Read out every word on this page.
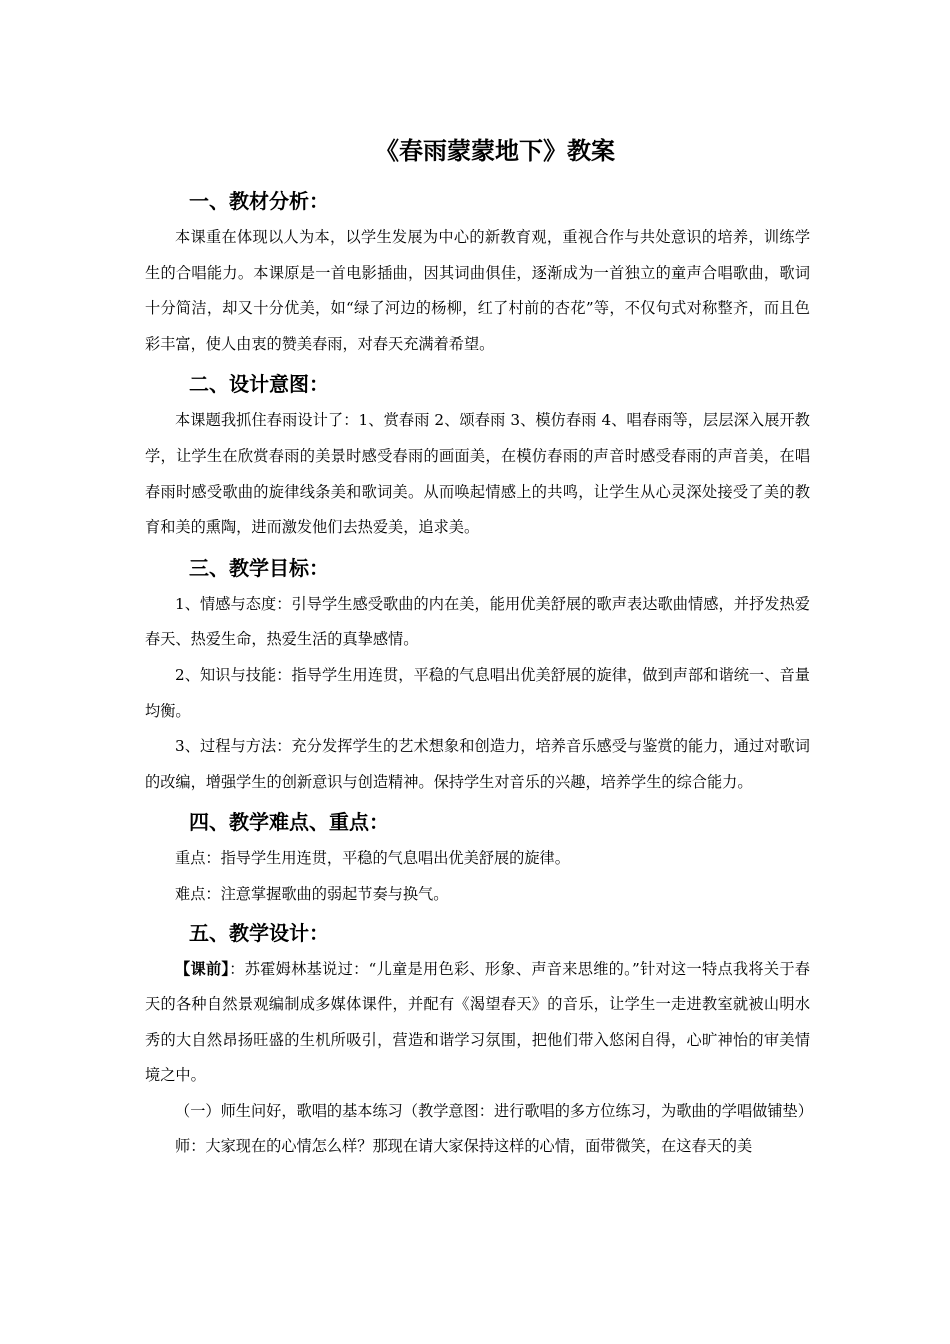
《春雨蒙蒙地下》教案
一、教材分析：

本课重在体现以人为本，以学生发展为中心的新教育观，重视合作与共处意识的培养，训练学生的合唱能力。本课原是一首电影插曲，因其词曲俱佳，逐渐成为一首独立的童声合唱歌曲，歌词十分简洁，却又十分优美，如“绿了河边的杨柳，红了村前的杏花”等，不仅句式对称整齐，而且色彩丰富，使人由衷的赞美春雨，对春天充满着希望。

二、设计意图：

本课题我抓住春雨设计了：1、赏春雨 2、颂春雨 3、模仿春雨 4、唱春雨等，层层深入展开教学，让学生在欣赏春雨的美景时感受春雨的画面美，在模仿春雨的声音时感受春雨的声音美，在唱春雨时感受歌曲的旋律线条美和歌词美。从而唤起情感上的共鸣，让学生从心灵深处接受了美的教育和美的熏陶，进而激发他们去热爱美，追求美。

三、教学目标：

1、情感与态度：引导学生感受歌曲的内在美，能用优美舒展的歌声表达歌曲情感，并抒发热爱春天、热爱生命，热爱生活的真挚感情。

2、知识与技能：指导学生用连贯，平稳的气息唱出优美舒展的旋律，做到声部和谐统一、音量均衡。

3、过程与方法：充分发挥学生的艺术想象和创造力，培养音乐感受与鉴赏的能力，通过对歌词的改编，增强学生的创新意识与创造精神。保持学生对音乐的兴趣，培养学生的综合能力。

四、教学难点、重点：

重点：指导学生用连贯，平稳的气息唱出优美舒展的旋律。

难点：注意掌握歌曲的弱起节奏与换气。

五、教学设计：

【课前】：苏霍姆林基说过：“儿童是用色彩、形象、声音来思维的。”针对这一特点我将关于春天的各种自然景观编制成多媒体课件，并配有《渴望春天》的音乐，让学生一走进教室就被山明水秀的大自然昂扬旺盛的生机所吸引，营造和谐学习氛围，把他们带入悠闲自得，心旷神怡的审美情境之中。

（一）师生问好，歌唱的基本练习（教学意图：进行歌唱的多方位练习，为歌曲的学唱做铺垫）

师：大家现在的心情怎么样？那现在请大家保持这样的心情，面带微笑，在这春天的美
